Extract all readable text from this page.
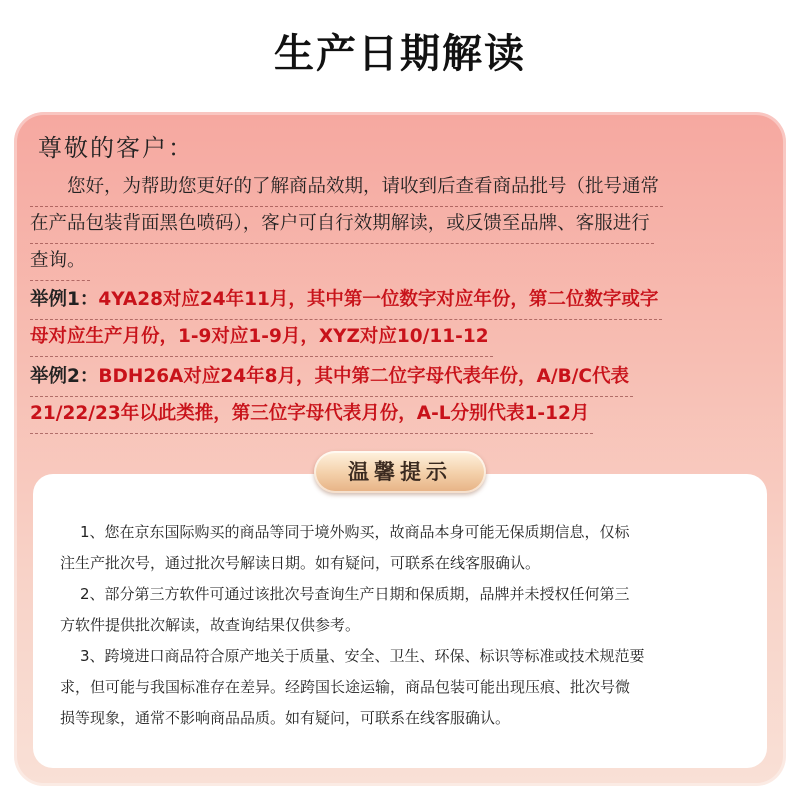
生产日期解读
尊敬的客户：
　　您好，为帮助您更好的了解商品效期，请收到后查看商品批号（批号通常
在产品包装背面黑色喷码），客户可自行效期解读，或反馈至品牌、客服进行
查询。
举例1：4YA28对应24年11月，其中第一位数字对应年份，第二位数字或字
母对应生产月份，1-9对应1-9月，XYZ对应10/11-12
举例2：BDH26A对应24年8月，其中第二位字母代表年份，A/B/C代表
21/22/23年以此类推，第三位字母代表月份，A-L分别代表1-12月
温馨提示
1、您在京东国际购买的商品等同于境外购买，故商品本身可能无保质期信息，仅标
注生产批次号，通过批次号解读日期。如有疑问，可联系在线客服确认。
2、部分第三方软件可通过该批次号查询生产日期和保质期，品牌并未授权任何第三
方软件提供批次解读，故查询结果仅供参考。
3、跨境进口商品符合原产地关于质量、安全、卫生、环保、标识等标准或技术规范要
求，但可能与我国标准存在差异。经跨国长途运输，商品包装可能出现压痕、批次号微
损等现象，通常不影响商品品质。如有疑问，可联系在线客服确认。
